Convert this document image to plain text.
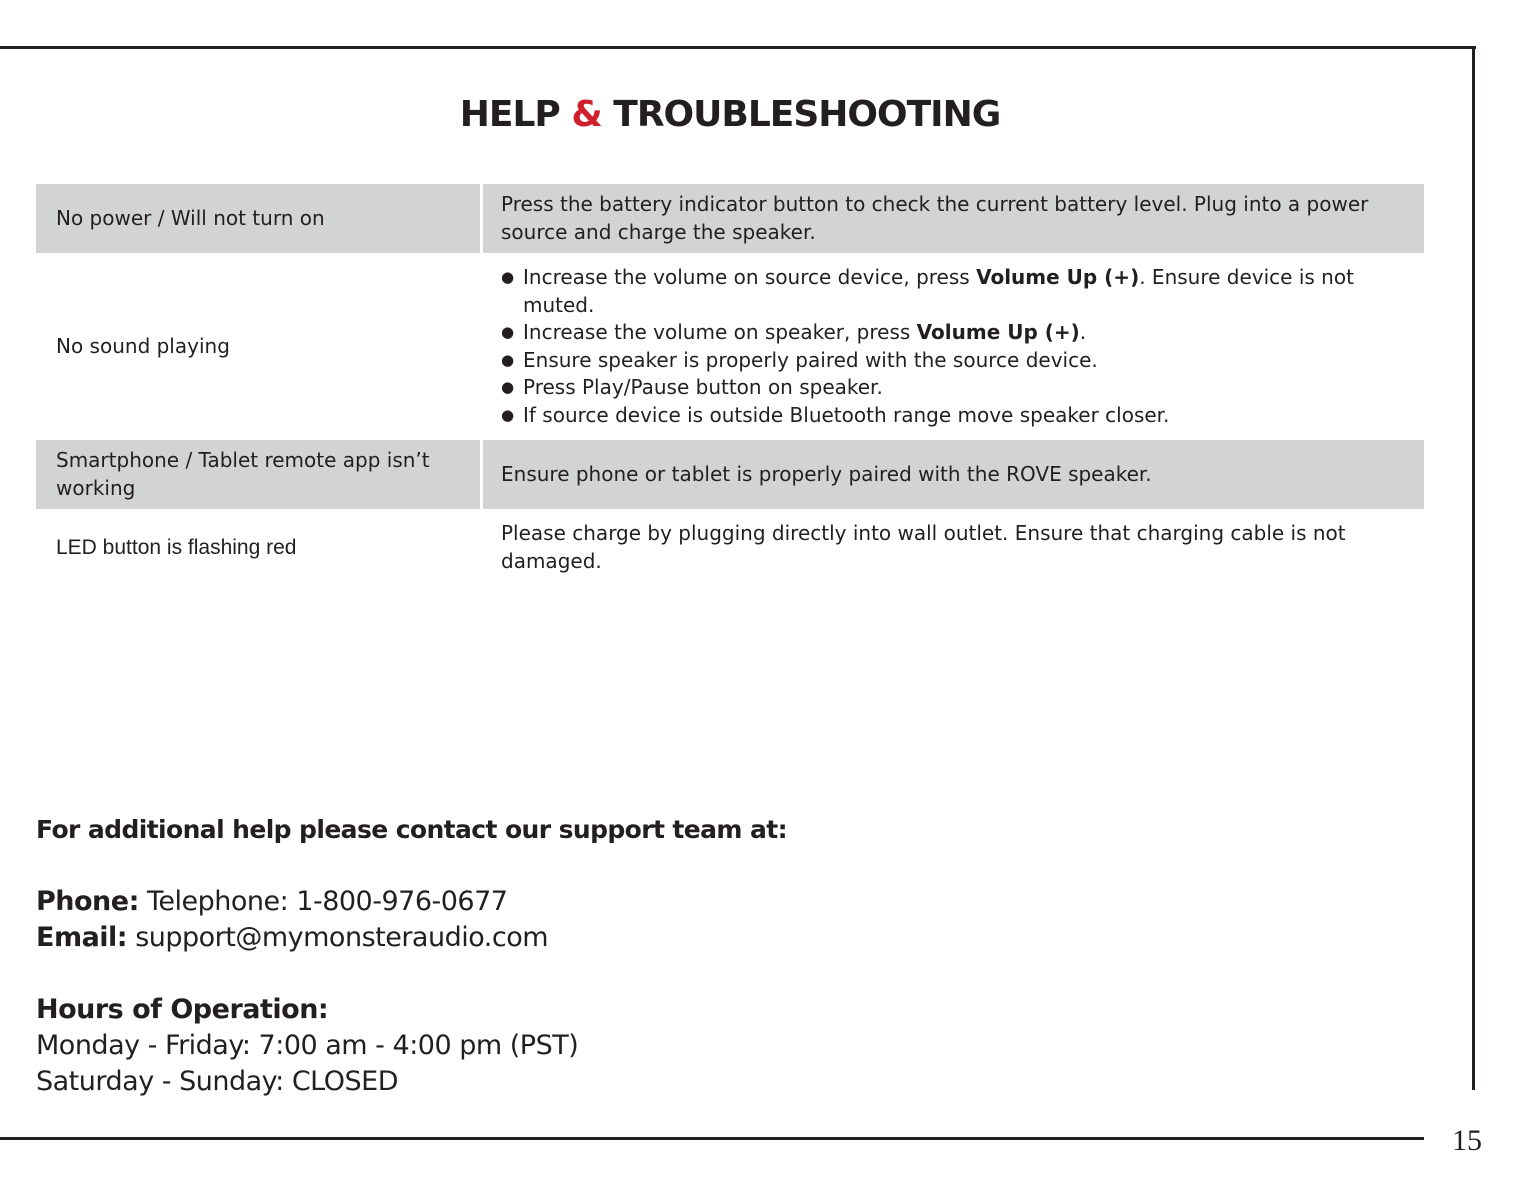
HELP & TROUBLESHOOTING
No power / Will not turn on
Press the battery indicator button to check the current battery level. Plug into a power source and charge the speaker.
No sound playing
● Increase the volume on source device, press Volume Up (+). Ensure device is not muted.
● Increase the volume on speaker, press Volume Up (+).
● Ensure speaker is properly paired with the source device.
● Press Play/Pause button on speaker.
● If source device is outside Bluetooth range move speaker closer.
Smartphone / Tablet remote app isn’t working
Ensure phone or tablet is properly paired with the ROVE speaker.
LED button is flashing red
Please charge by plugging directly into wall outlet. Ensure that charging cable is not damaged.

For additional help please contact our support team at:

Phone: Telephone: 1-800-976-0677

Email: support@mymonsteraudio.com

Hours of Operation:

Monday - Friday: 7:00 am - 4:00 pm (PST)

Saturday - Sunday: CLOSED

15
